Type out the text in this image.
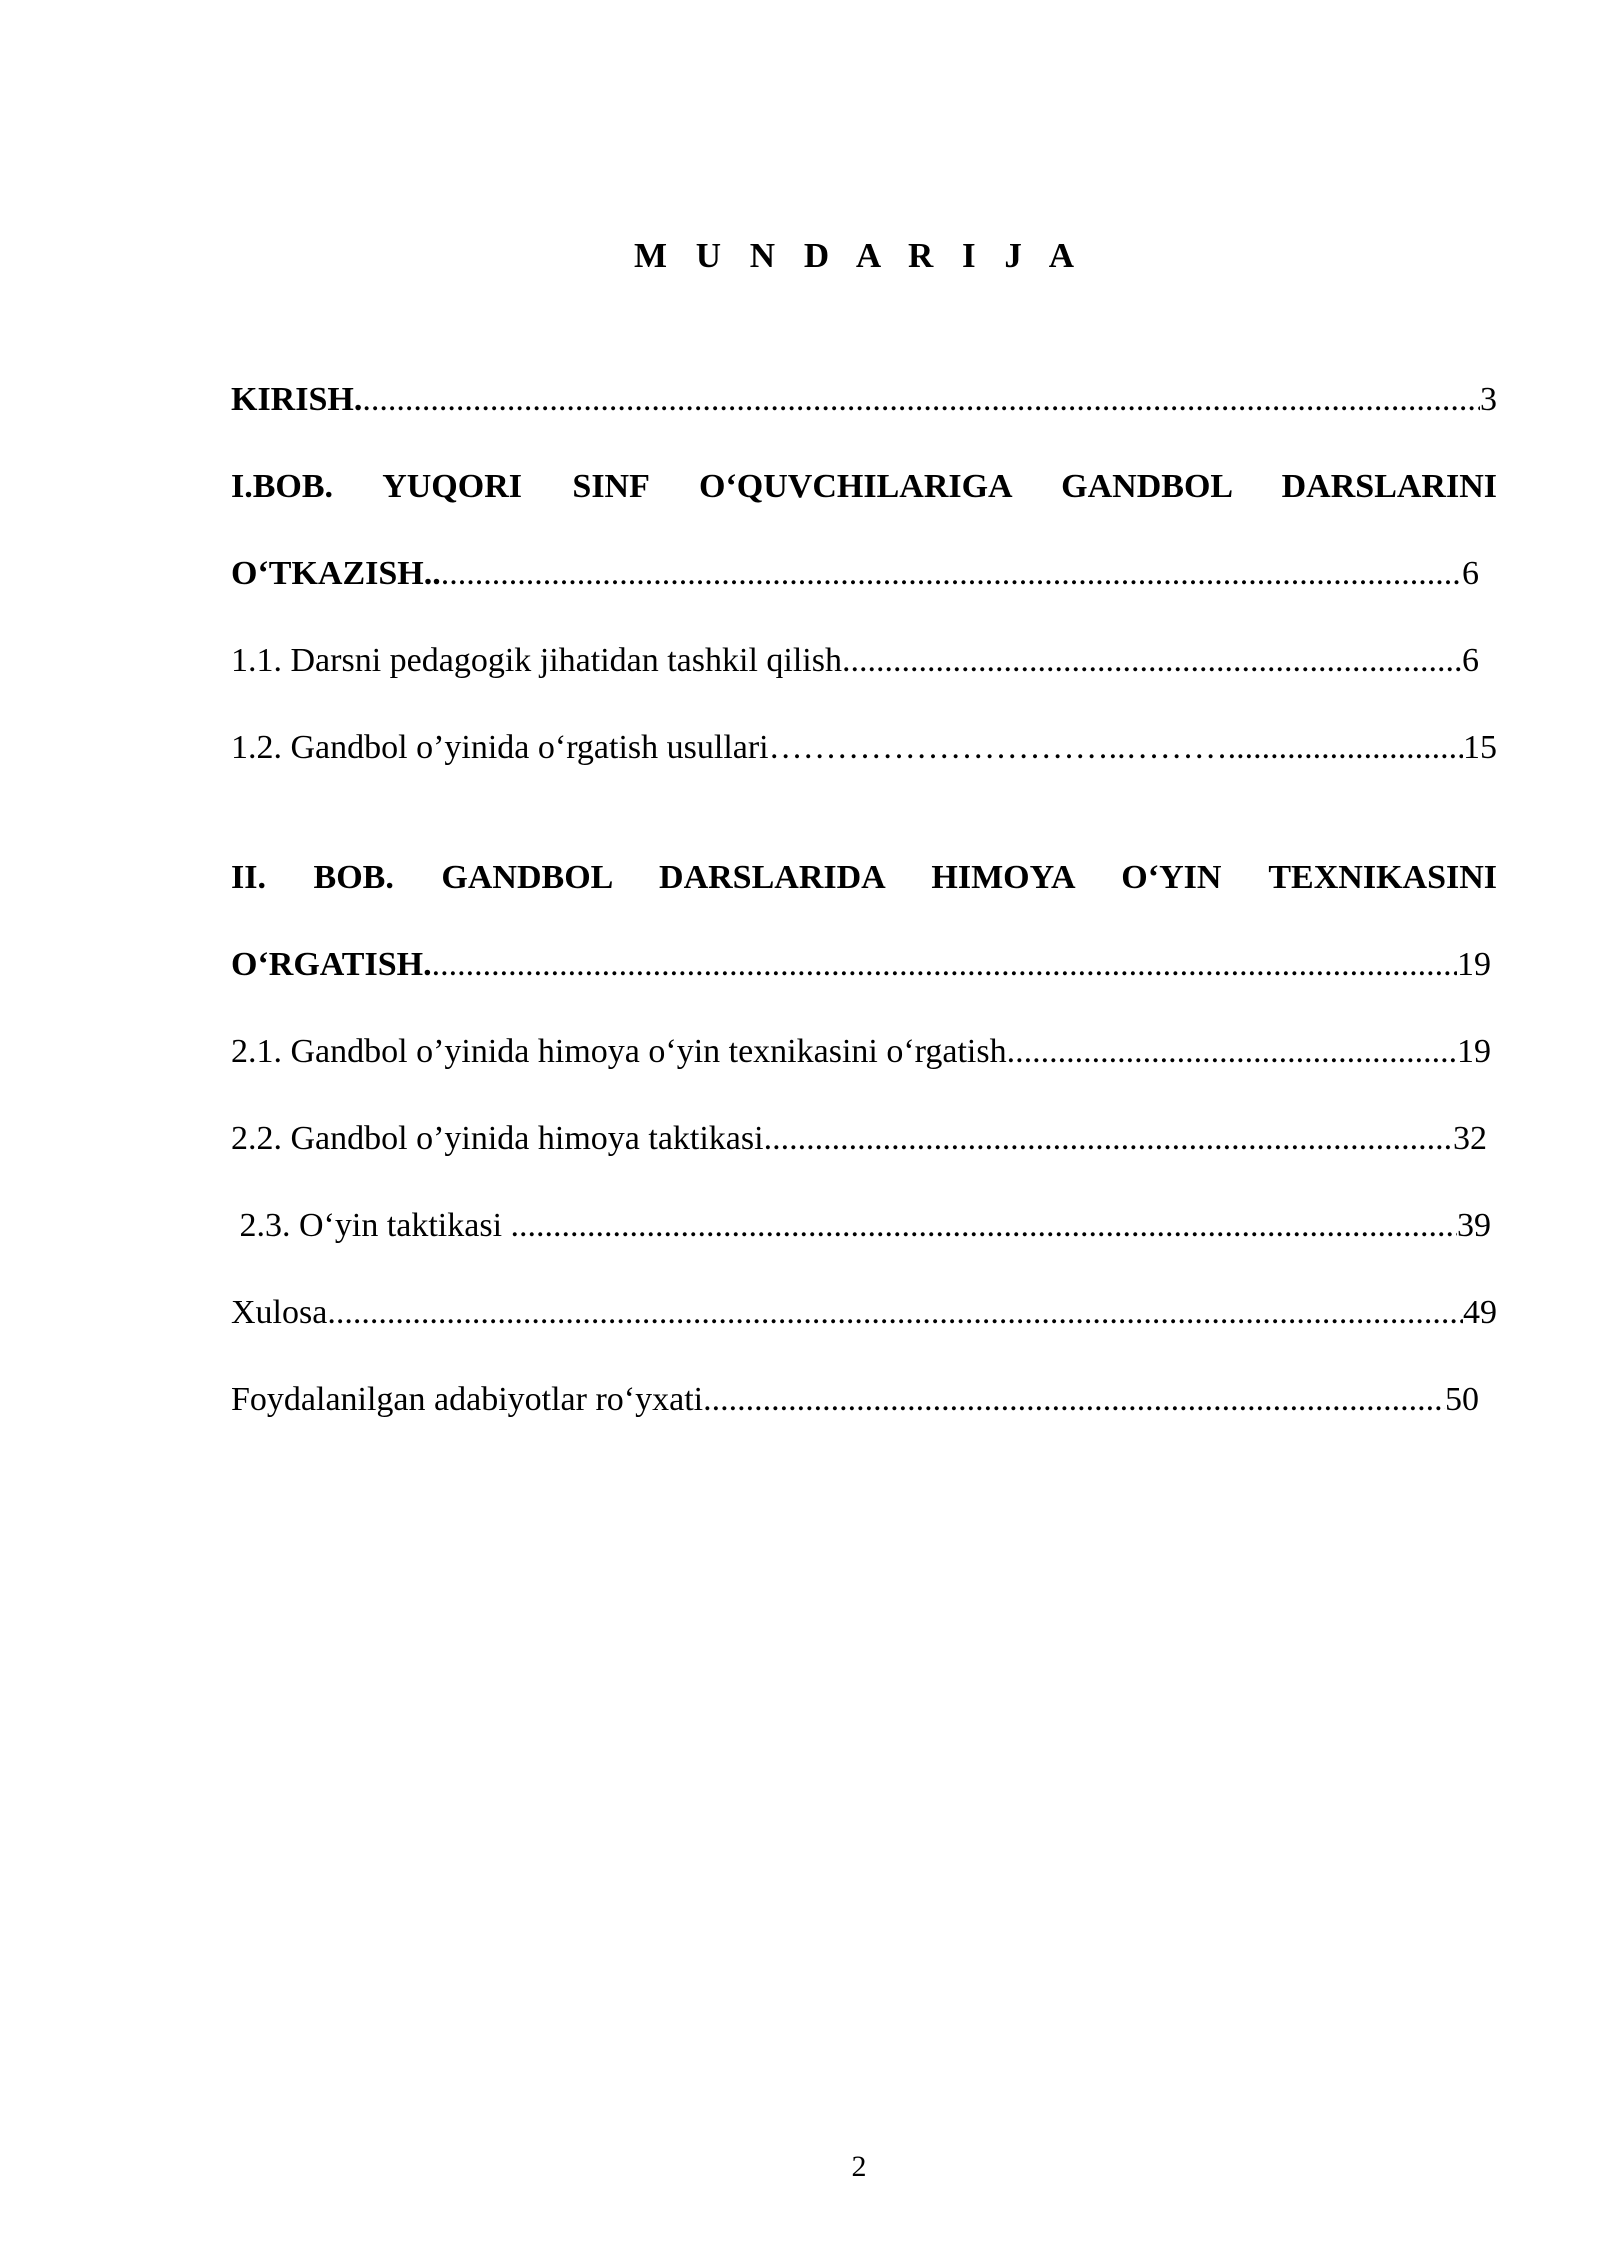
M U N D A R I J A
KIRISH. .....	3
I.BOB. YUQORI SINF O‘QUVCHILARIGA GANDBOL DARSLARINI
O‘TKAZISH.. .....	6
1.1. Darsni pedagogik jihatidan tashkil qilish .....	6
1.2. Gandbol o’yinida o‘rgatish usullari…………………………..……… .....	15
II. BOB. GANDBOL DARSLARIDA HIMOYA O‘YIN TEXNIKASINI
O‘RGATISH. .....	19
2.1. Gandbol o’yinida himoya o‘yin texnikasini o‘rgatish .....	19
2.2. Gandbol o’yinida himoya taktikasi .....	32
2.3. O‘yin taktikasi .....	39
Xulosa .....	49
Foydalanilgan adabiyotlar ro‘yxati .....	50
2
